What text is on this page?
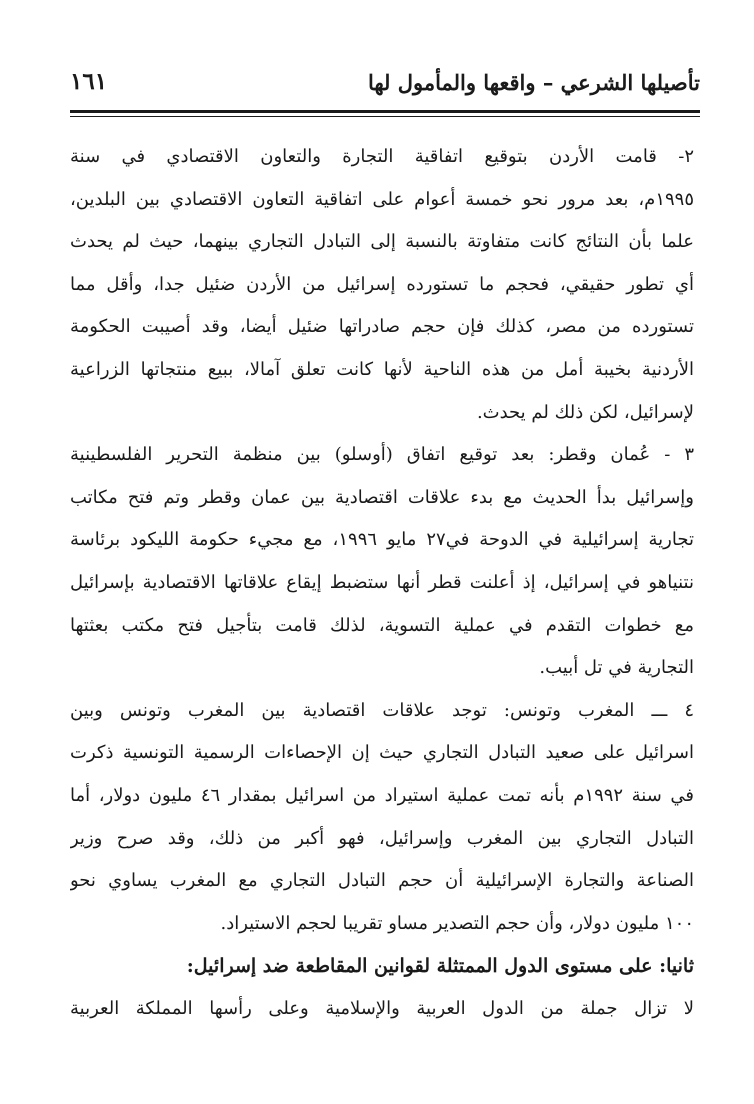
تأصيلها الشرعي – واقعها والمأمول لها
١٦١
٢- قامت الأردن بتوقيع اتفاقية التجارة والتعاون الاقتصادي في سنة
١٩٩٥م، بعد مرور نحو خمسة أعوام على اتفاقية التعاون الاقتصادي بين البلدين،
علما بأن النتائج كانت متفاوتة بالنسبة إلى التبادل التجاري بينهما، حيث لم يحدث
أي تطور حقيقي، فحجم ما تستورده إسرائيل من الأردن ضئيل جدا، وأقل مما
تستورده من مصر، كذلك فإن حجم صادراتها ضئيل أيضا، وقد أصيبت الحكومة
الأردنية بخيبة أمل من هذه الناحية لأنها كانت تعلق آمالا، ببيع منتجاتها الزراعية
لإسرائيل، لكن ذلك لم يحدث.
٣ - عُمان وقطر: بعد توقيع اتفاق (أوسلو) بين منظمة التحرير الفلسطينية
وإسرائيل بدأ الحديث مع بدء علاقات اقتصادية بين عمان وقطر وتم فتح مكاتب
تجارية إسرائيلية في الدوحة في٢٧ مايو ١٩٩٦، مع مجيء حكومة الليكود برئاسة
نتنياهو في إسرائيل، إذ أعلنت قطر أنها ستضبط إيقاع علاقاتها الاقتصادية بإسرائيل
مع خطوات التقدم في عملية التسوية، لذلك قامت بتأجيل فتح مكتب بعثتها
التجارية في تل أبيب.
٤ ـــ المغرب وتونس: توجد علاقات اقتصادية بين المغرب وتونس وبين
اسرائيل على صعيد التبادل التجاري حيث إن الإحصاءات الرسمية التونسية ذكرت
في سنة ١٩٩٢م بأنه تمت عملية استيراد من اسرائيل بمقدار ٤٦ مليون دولار، أما
التبادل التجاري بين المغرب وإسرائيل، فهو أكبر من ذلك، وقد صرح وزير
الصناعة والتجارة الإسرائيلية أن حجم التبادل التجاري مع المغرب يساوي نحو
١٠٠ مليون دولار، وأن حجم التصدير مساو تقريبا لحجم الاستيراد.
ثانيا: على مستوى الدول الممتثلة لقوانين المقاطعة ضد إسرائيل:
لا تزال جملة من الدول العربية والإسلامية وعلى رأسها المملكة العربية
